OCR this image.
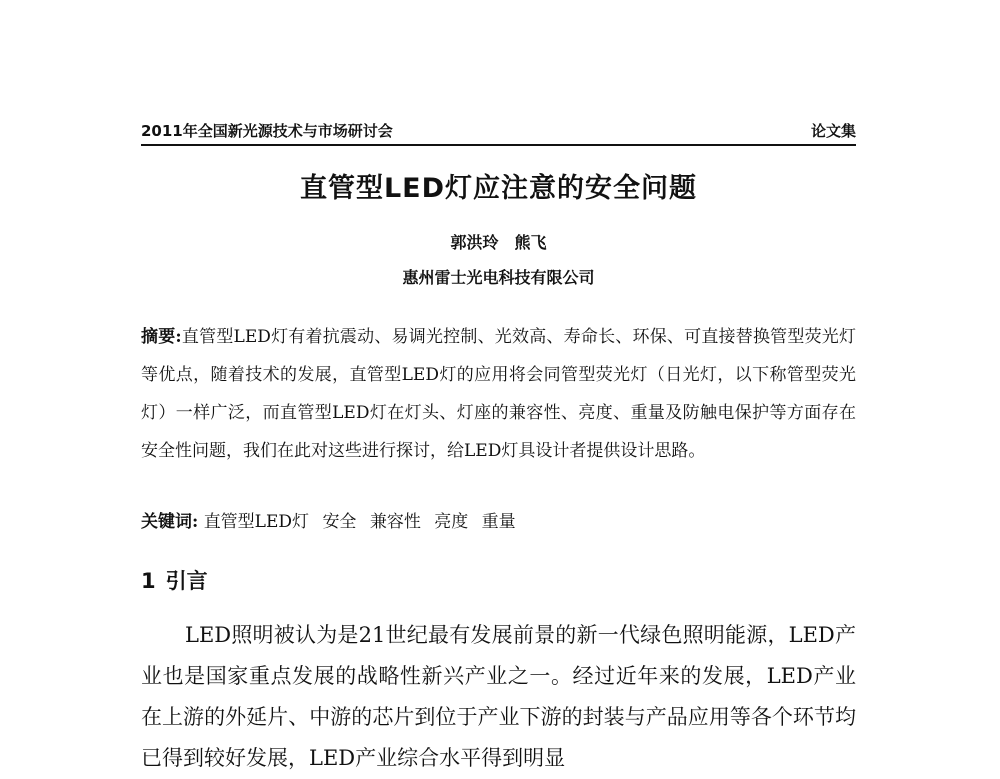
2011年全国新光源技术与市场研讨会	论文集
直管型LED灯应注意的安全问题
郭洪玲　熊飞
惠州雷士光电科技有限公司

摘要:直管型LED灯有着抗震动、易调光控制、光效高、寿命长、环保、可直接替换管型荧光灯等优点，随着技术的发展，直管型LED灯的应用将会同管型荧光灯（日光灯，以下称管型荧光灯）一样广泛，而直管型LED灯在灯头、灯座的兼容性、亮度、重量及防触电保护等方面存在安全性问题，我们在此对这些进行探讨，给LED灯具设计者提供设计思路。

关键词: 直管型LED灯 安全 兼容性 亮度 重量

1 引言

LED照明被认为是21世纪最有发展前景的新一代绿色照明能源，LED产业也是国家重点发展的战略性新兴产业之一。经过近年来的发展，LED产业在上游的外延片、中游的芯片到位于产业下游的封装与产品应用等各个环节均已得到较好发展，LED产业综合水平得到明显
